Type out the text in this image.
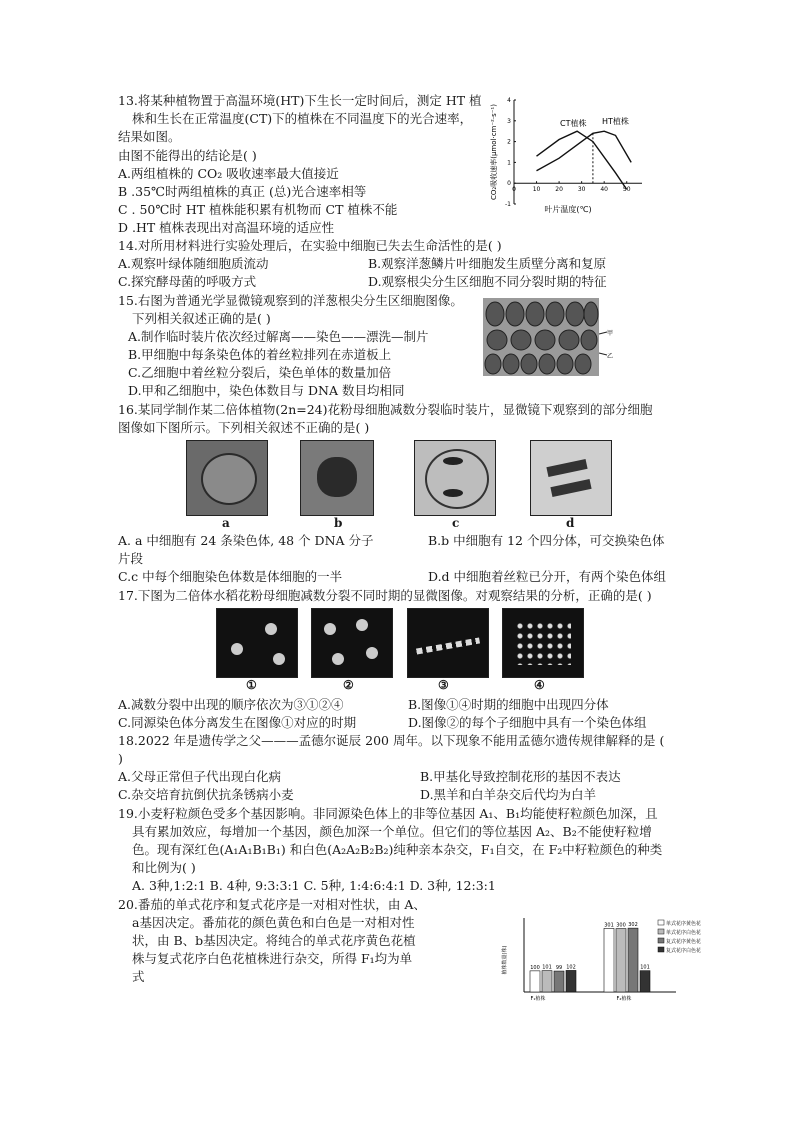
13.将某种植物置于高温环境(HT)下生长一定时间后，测定 HT 植
株和生长在正常温度(CT)下的植株在不同温度下的光合速率，
结果如图。
由图不能得出的结论是( )
A.两组植株的 CO₂ 吸收速率最大值接近
B .35℃时两组植株的真正 (总)光合速率相等
C . 50℃时 HT 植株能积累有机物而 CT 植株不能
D .HT 植株表现出对高温环境的适应性
0	10 20 30 40 50
-1
0
1
2
3
4
CO₂吸收速率(μmol·cm⁻²·s⁻¹)
叶片温度(℃)
CT植株 HT植株
14.对所用材料进行实验处理后，在实验中细胞已失去生命活性的是( )
A.观察叶绿体随细胞质流动	B.观察洋葱鳞片叶细胞发生质壁分离和复原
C.探究酵母菌的呼吸方式	D.观察根尖分生区细胞不同分裂时期的特征
15.右图为普通光学显微镜观察到的洋葱根尖分生区细胞图像。
下列相关叙述正确的是( )
A.制作临时装片依次经过解离——染色——漂洗—制片
B.甲细胞中每条染色体的着丝粒排列在赤道板上
C.乙细胞中着丝粒分裂后，染色单体的数量加倍
D.甲和乙细胞中，染色体数目与 DNA 数目均相同
甲
乙
16.某同学制作某二倍体植物(2n=24)花粉母细胞减数分裂临时装片，显微镜下观察到的部分细胞
图像如下图所示。下列相关叙述不正确的是( )
a	b	c	d
A. a 中细胞有 24 条染色体, 48 个 DNA 分子	B.b 中细胞有 12 个四分体，可交换染色体
片段
C.c 中每个细胞染色体数是体细胞的一半	D.d 中细胞着丝粒已分开，有两个染色体组
17.下图为二倍体水稻花粉母细胞减数分裂不同时期的显微图像。对观察结果的分析，正确的是( )
①	②	③	④
A.减数分裂中出现的顺序依次为③①②④	B.图像①④时期的细胞中出现四分体
C.同源染色体分离发生在图像①对应的时期	D.图像②的每个子细胞中具有一个染色体组
18.2022 年是遗传学之父———孟德尔诞辰 200 周年。以下现象不能用孟德尔遗传规律解释的是 (
)
A.父母正常但子代出现白化病	B.甲基化导致控制花形的基因不表达
C.杂交培育抗倒伏抗条锈病小麦	D.黑羊和白羊杂交后代均为白羊
19.小麦籽粒颜色受多个基因影响。非同源染色体上的非等位基因 A₁、B₁均能使籽粒颜色加深，且
具有累加效应，每增加一个基因，颜色加深一个单位。但它们的等位基因 A₂、B₂不能使籽粒增
色。现有深红色(A₁A₁B₁B₁) 和白色(A₂A₂B₂B₂)纯种亲本杂交，F₁自交，在 F₂中籽粒颜色的种类
和比例为( )
A. 3种,1:2:1 B. 4种, 9:3:3:1 C. 5种, 1:4:6:4:1 D. 3种, 12:3:1
20.番茄的单式花序和复式花序是一对相对性状，由 A、
a基因决定。番茄花的颜色黄色和白色是一对相对性
状，由 B、b基因决定。将纯合的单式花序黄色花植
株与复式花序白色花植株进行杂交，所得 F₁均为单
式
100 101 99 102
301 300 302
101
单式花序黄色花
单式花序白色花
复式花序黄色花
复式花序白色花
植株数量(株)
F₁植株	F₂植株
